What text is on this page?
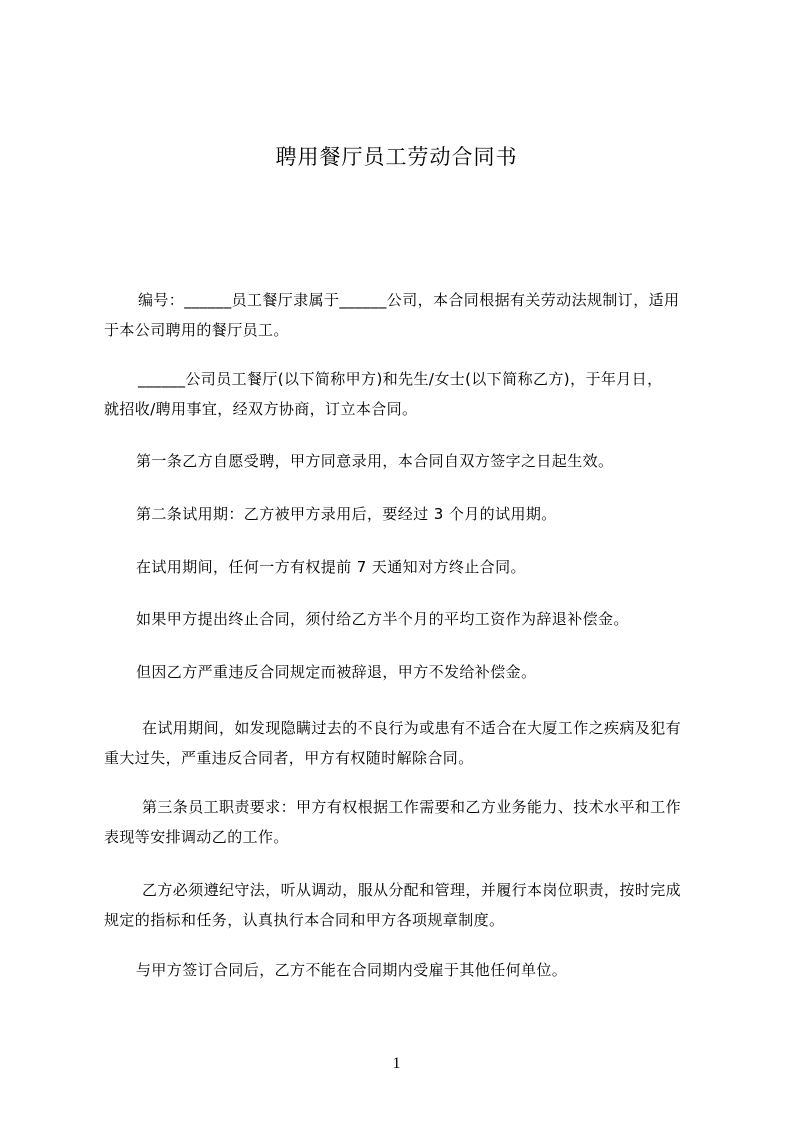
聘用餐厅员工劳动合同书

编号：______员工餐厅隶属于______公司，本合同根据有关劳动法规制订，适用
于本公司聘用的餐厅员工。

______公司员工餐厅(以下简称甲方)和先生/女士(以下简称乙方)，于年月日，
就招收/聘用事宜，经双方协商，订立本合同。

第一条乙方自愿受聘，甲方同意录用，本合同自双方签字之日起生效。

第二条试用期：乙方被甲方录用后，要经过 3 个月的试用期。

在试用期间，任何一方有权提前 7 天通知对方终止合同。

如果甲方提出终止合同，须付给乙方半个月的平均工资作为辞退补偿金。

但因乙方严重违反合同规定而被辞退，甲方不发给补偿金。

在试用期间，如发现隐瞒过去的不良行为或患有不适合在大厦工作之疾病及犯有
重大过失，严重违反合同者，甲方有权随时解除合同。

第三条员工职责要求：甲方有权根据工作需要和乙方业务能力、技术水平和工作
表现等安排调动乙的工作。

乙方必须遵纪守法，听从调动，服从分配和管理，并履行本岗位职责，按时完成
规定的指标和任务，认真执行本合同和甲方各项规章制度。

与甲方签订合同后，乙方不能在合同期内受雇于其他任何单位。

1
